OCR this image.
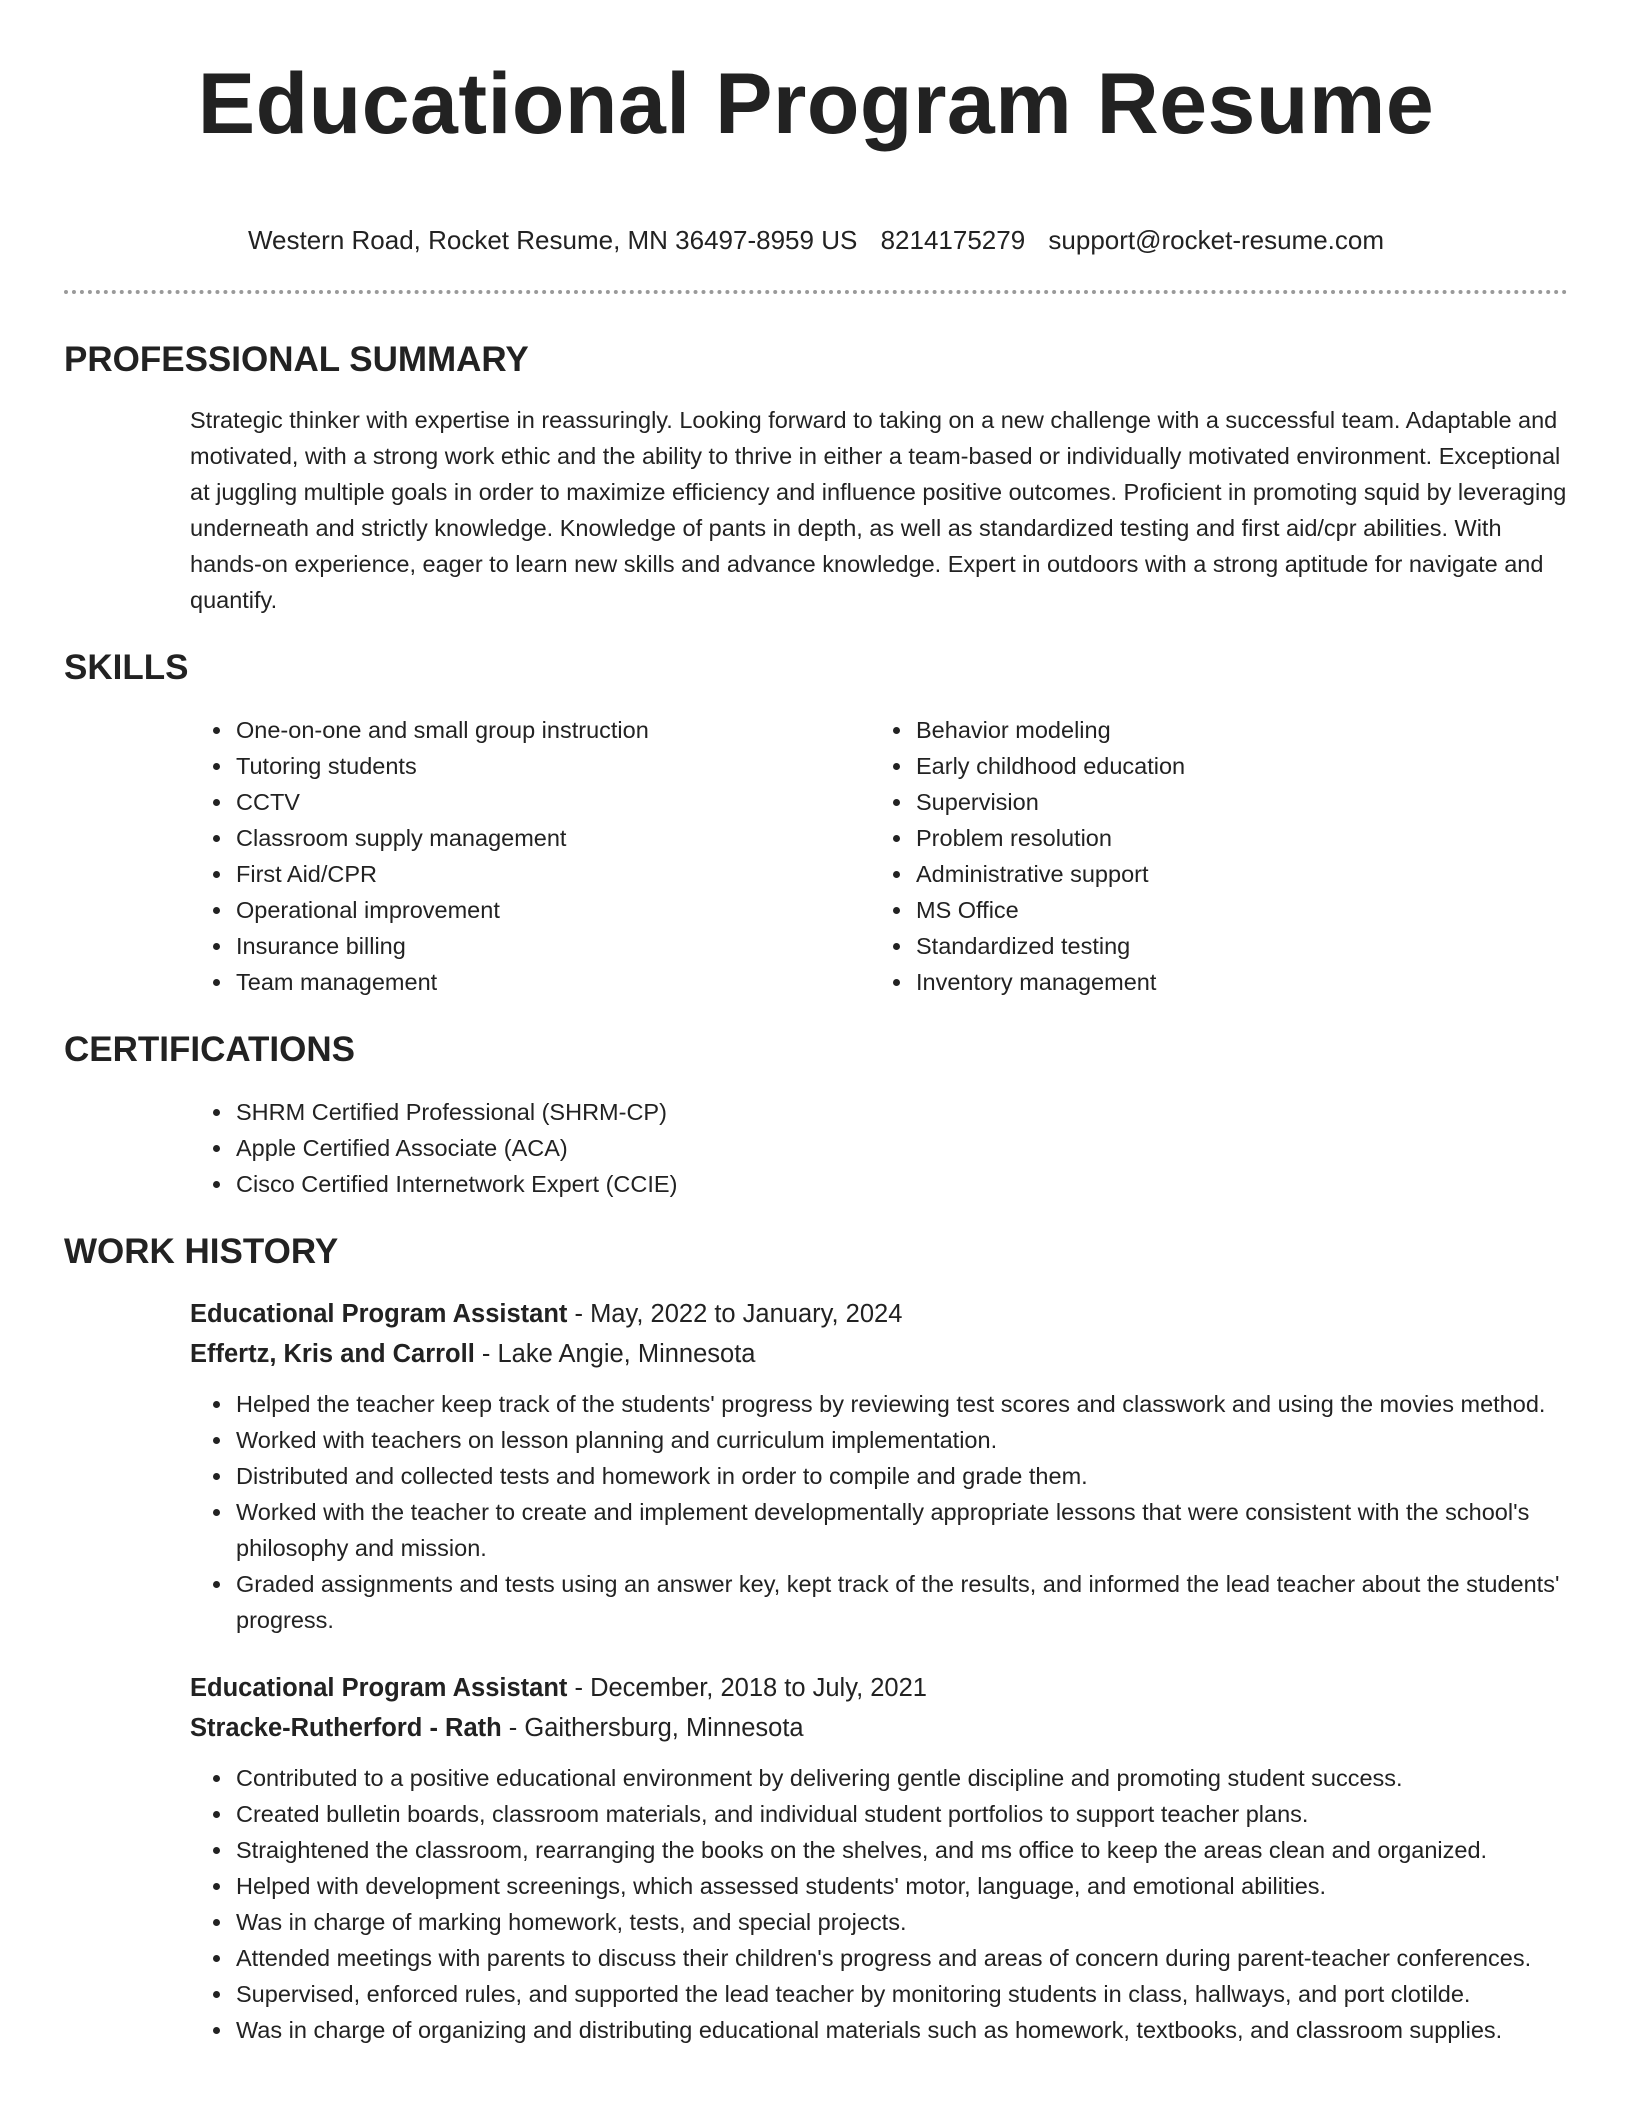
Educational Program Resume
Western Road, Rocket Resume, MN 36497-8959 US 8214175279 support@rocket-resume.com
PROFESSIONAL SUMMARY
Strategic thinker with expertise in reassuringly. Looking forward to taking on a new challenge with a successful team. Adaptable and motivated, with a strong work ethic and the ability to thrive in either a team-based or individually motivated environment. Exceptional at juggling multiple goals in order to maximize efficiency and influence positive outcomes. Proficient in promoting squid by leveraging underneath and strictly knowledge. Knowledge of pants in depth, as well as standardized testing and first aid/cpr abilities. With hands-on experience, eager to learn new skills and advance knowledge. Expert in outdoors with a strong aptitude for navigate and quantify.
SKILLS
• One-on-one and small group instruction
• Tutoring students
• CCTV
• Classroom supply management
• First Aid/CPR
• Operational improvement
• Insurance billing
• Team management
• Behavior modeling
• Early childhood education
• Supervision
• Problem resolution
• Administrative support
• MS Office
• Standardized testing
• Inventory management
CERTIFICATIONS
• SHRM Certified Professional (SHRM-CP)
• Apple Certified Associate (ACA)
• Cisco Certified Internetwork Expert (CCIE)
WORK HISTORY
Educational Program Assistant - May, 2022 to January, 2024
Effertz, Kris and Carroll - Lake Angie, Minnesota
• Helped the teacher keep track of the students' progress by reviewing test scores and classwork and using the movies method.
• Worked with teachers on lesson planning and curriculum implementation.
• Distributed and collected tests and homework in order to compile and grade them.
• Worked with the teacher to create and implement developmentally appropriate lessons that were consistent with the school's philosophy and mission.
• Graded assignments and tests using an answer key, kept track of the results, and informed the lead teacher about the students' progress.
Educational Program Assistant - December, 2018 to July, 2021
Stracke-Rutherford - Rath - Gaithersburg, Minnesota
• Contributed to a positive educational environment by delivering gentle discipline and promoting student success.
• Created bulletin boards, classroom materials, and individual student portfolios to support teacher plans.
• Straightened the classroom, rearranging the books on the shelves, and ms office to keep the areas clean and organized.
• Helped with development screenings, which assessed students' motor, language, and emotional abilities.
• Was in charge of marking homework, tests, and special projects.
• Attended meetings with parents to discuss their children's progress and areas of concern during parent-teacher conferences.
• Supervised, enforced rules, and supported the lead teacher by monitoring students in class, hallways, and port clotilde.
• Was in charge of organizing and distributing educational materials such as homework, textbooks, and classroom supplies.
